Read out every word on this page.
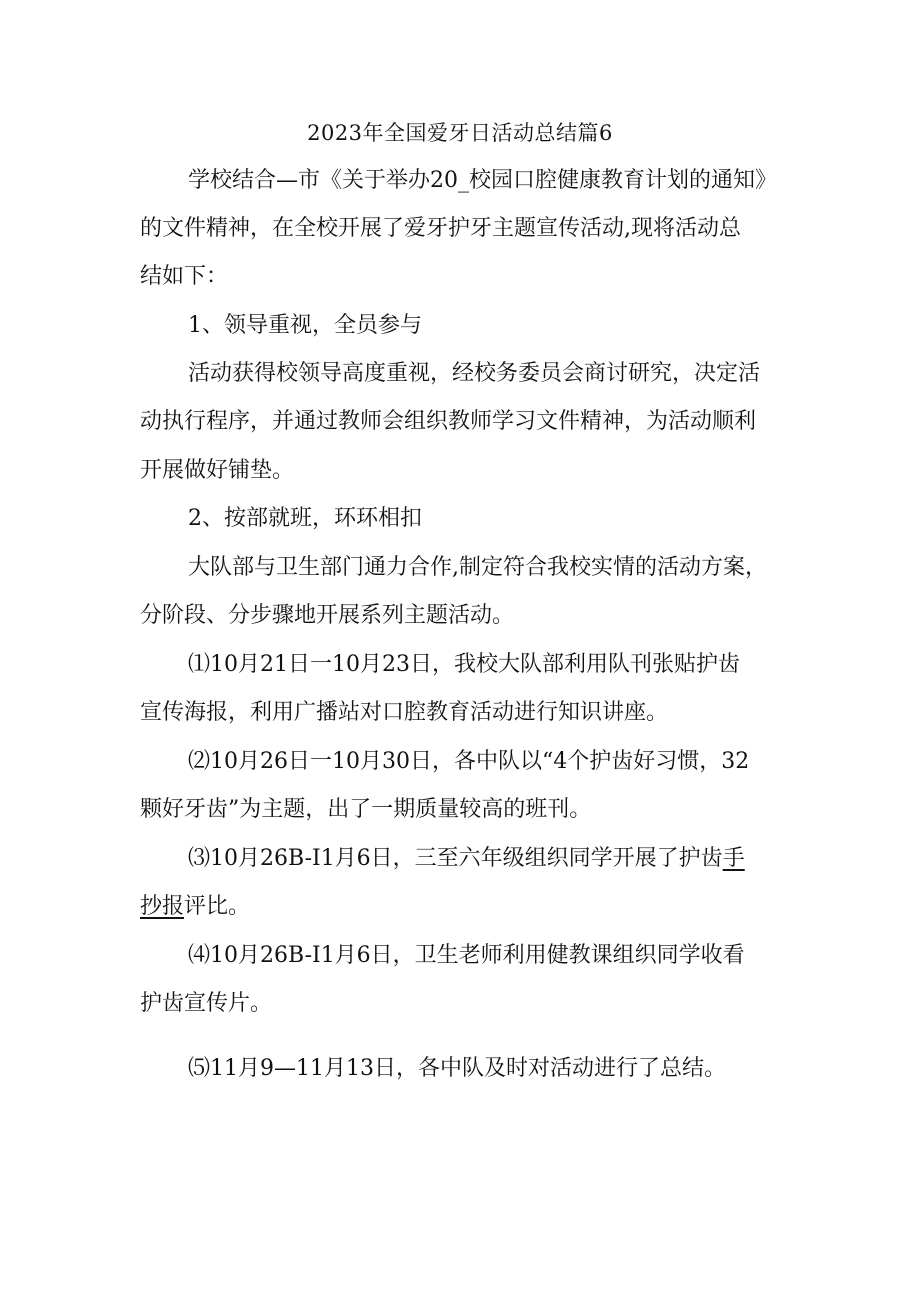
2023年全国爱牙日活动总结篇6

学校结合—市《关于举办20_校园口腔健康教育计划的通知》

的文件精神，在全校开展了爱牙护牙主题宣传活动,现将活动总

结如下：

1、领导重视，全员参与

活动获得校领导高度重视，经校务委员会商讨研究，决定活

动执行程序，并通过教师会组织教师学习文件精神，为活动顺利

开展做好铺垫。

2、按部就班，环环相扣

大队部与卫生部门通力合作,制定符合我校实情的活动方案，

分阶段、分步骤地开展系列主题活动。

⑴10月21日一10月23日，我校大队部利用队刊张贴护齿

宣传海报，利用广播站对口腔教育活动进行知识讲座。

⑵10月26日一10月30日，各中队以“4个护齿好习惯，32

颗好牙齿”为主题，出了一期质量较高的班刊。

⑶10月26B-I1月6日，三至六年级组织同学开展了护齿手

抄报评比。

⑷10月26B-I1月6日，卫生老师利用健教课组织同学收看

护齿宣传片。

⑸11月9—11月13日，各中队及时对活动进行了总结。
